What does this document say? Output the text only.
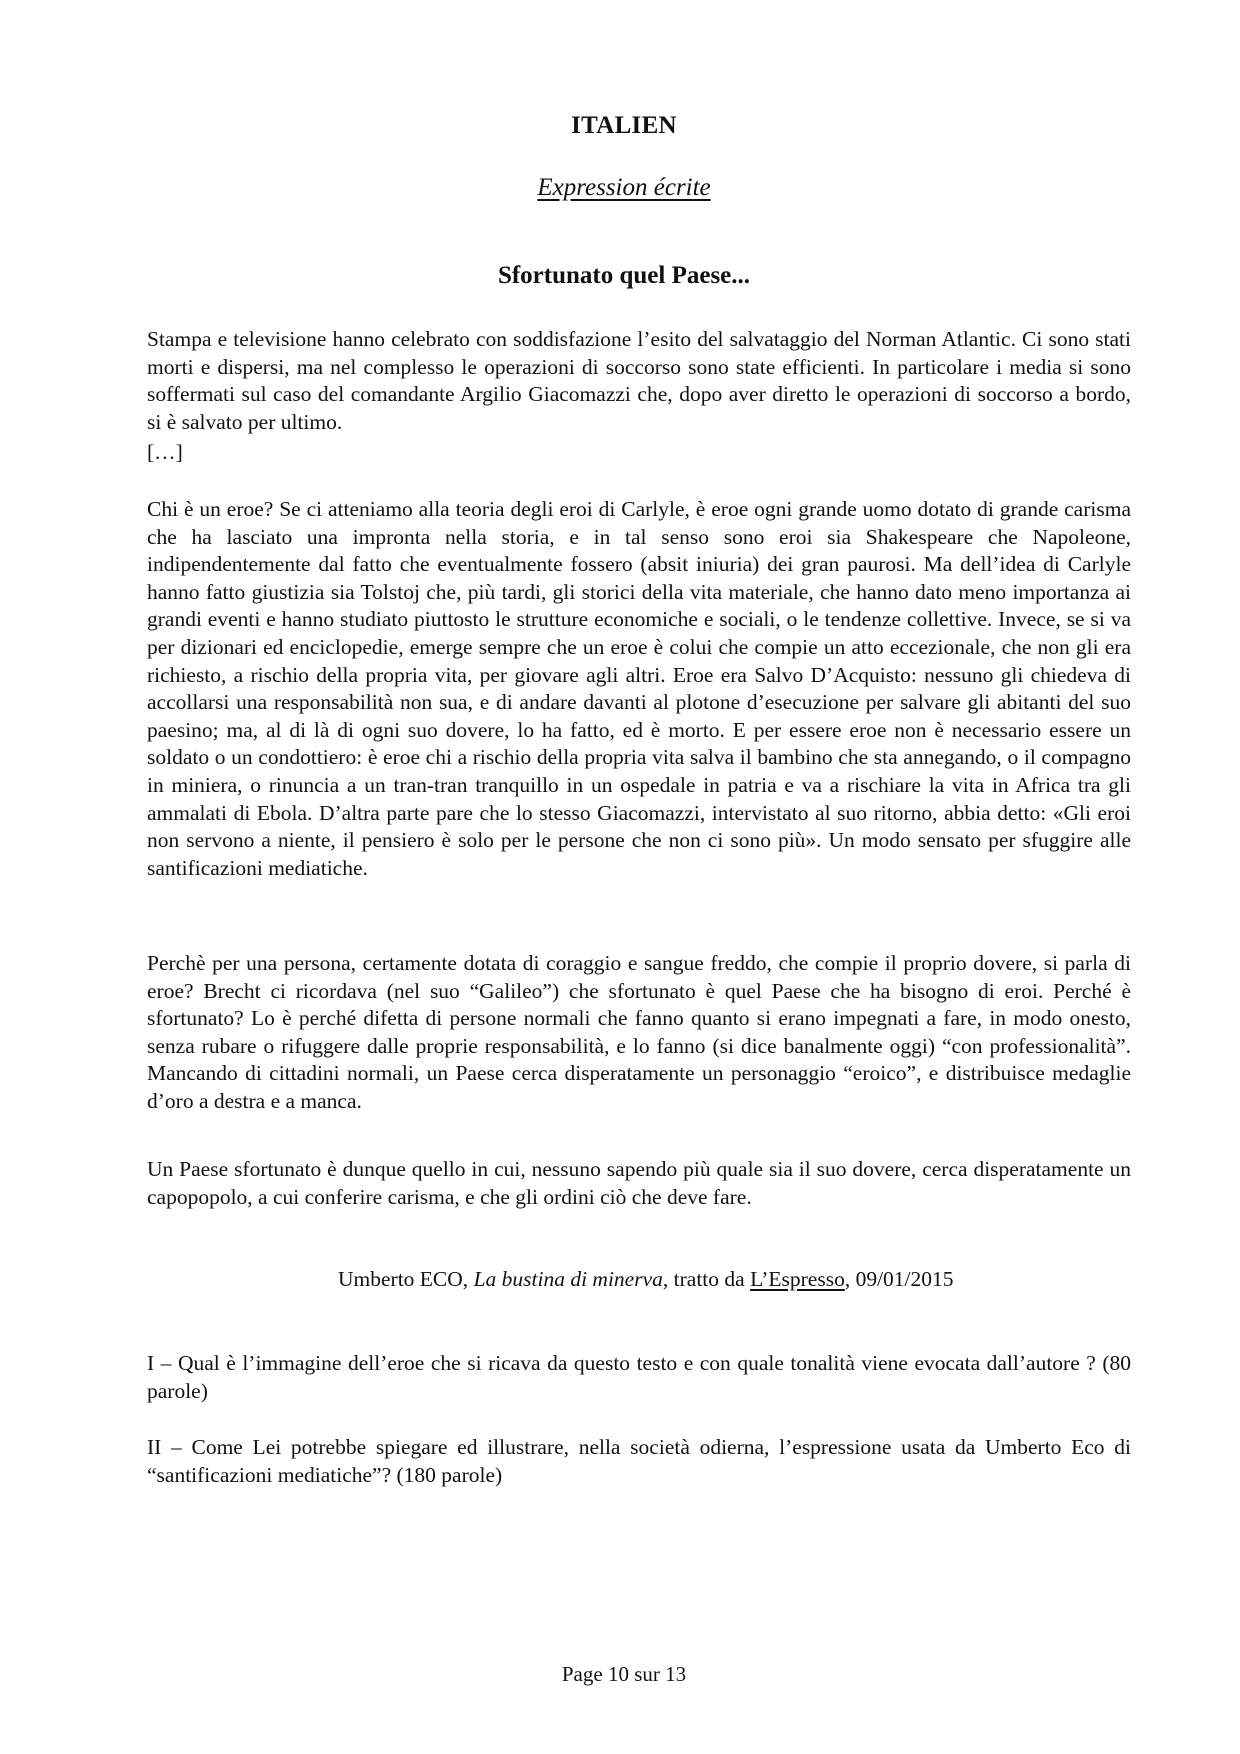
ITALIEN
Expression écrite
Sfortunato quel Paese...

Stampa e televisione hanno celebrato con soddisfazione l’esito del salvataggio del Norman Atlantic. Ci sono stati morti e dispersi, ma nel complesso le operazioni di soccorso sono state efficienti. In particolare i media si sono soffermati sul caso del comandante Argilio Giacomazzi che, dopo aver diretto le operazioni di soccorso a bordo, si è salvato per ultimo.

[…]

Chi è un eroe? Se ci atteniamo alla teoria degli eroi di Carlyle, è eroe ogni grande uomo dotato di grande carisma che ha lasciato una impronta nella storia, e in tal senso sono eroi sia Shakespeare che Napoleone, indipendentemente dal fatto che eventualmente fossero (absit iniuria) dei gran paurosi. Ma dell’idea di Carlyle hanno fatto giustizia sia Tolstoj che, più tardi, gli storici della vita materiale, che hanno dato meno importanza ai grandi eventi e hanno studiato piuttosto le strutture economiche e sociali, o le tendenze collettive. Invece, se si va per dizionari ed enciclopedie, emerge sempre che un eroe è colui che compie un atto eccezionale, che non gli era richiesto, a rischio della propria vita, per giovare agli altri. Eroe era Salvo D’Acquisto: nessuno gli chiedeva di accollarsi una responsabilità non sua, e di andare davanti al plotone d’esecuzione per salvare gli abitanti del suo paesino; ma, al di là di ogni suo dovere, lo ha fatto, ed è morto. E per essere eroe non è necessario essere un soldato o un condottiero: è eroe chi a rischio della propria vita salva il bambino che sta annegando, o il compagno in miniera, o rinuncia a un tran-tran tranquillo in un ospedale in patria e va a rischiare la vita in Africa tra gli ammalati di Ebola. D’altra parte pare che lo stesso Giacomazzi, intervistato al suo ritorno, abbia detto: «Gli eroi non servono a niente, il pensiero è solo per le persone che non ci sono più». Un modo sensato per sfuggire alle santificazioni mediatiche.

Perchè per una persona, certamente dotata di coraggio e sangue freddo, che compie il proprio dovere, si parla di eroe? Brecht ci ricordava (nel suo “Galileo”) che sfortunato è quel Paese che ha bisogno di eroi. Perché è sfortunato? Lo è perché difetta di persone normali che fanno quanto si erano impegnati a fare, in modo onesto, senza rubare o rifuggere dalle proprie responsabilità, e lo fanno (si dice banalmente oggi) “con professionalità”. Mancando di cittadini normali, un Paese cerca disperatamente un personaggio “eroico”, e distribuisce medaglie d’oro a destra e a manca.

Un Paese sfortunato è dunque quello in cui, nessuno sapendo più quale sia il suo dovere, cerca disperatamente un capopopolo, a cui conferire carisma, e che gli ordini ciò che deve fare.

Umberto ECO, La bustina di minerva, tratto da L’Espresso, 09/01/2015

I – Qual è l’immagine dell’eroe che si ricava da questo testo e con quale tonalità viene evocata dall’autore ? (80 parole)

II – Come Lei potrebbe spiegare ed illustrare, nella società odierna, l’espressione usata da Umberto Eco di “santificazioni mediatiche”? (180 parole)

Page 10 sur 13
